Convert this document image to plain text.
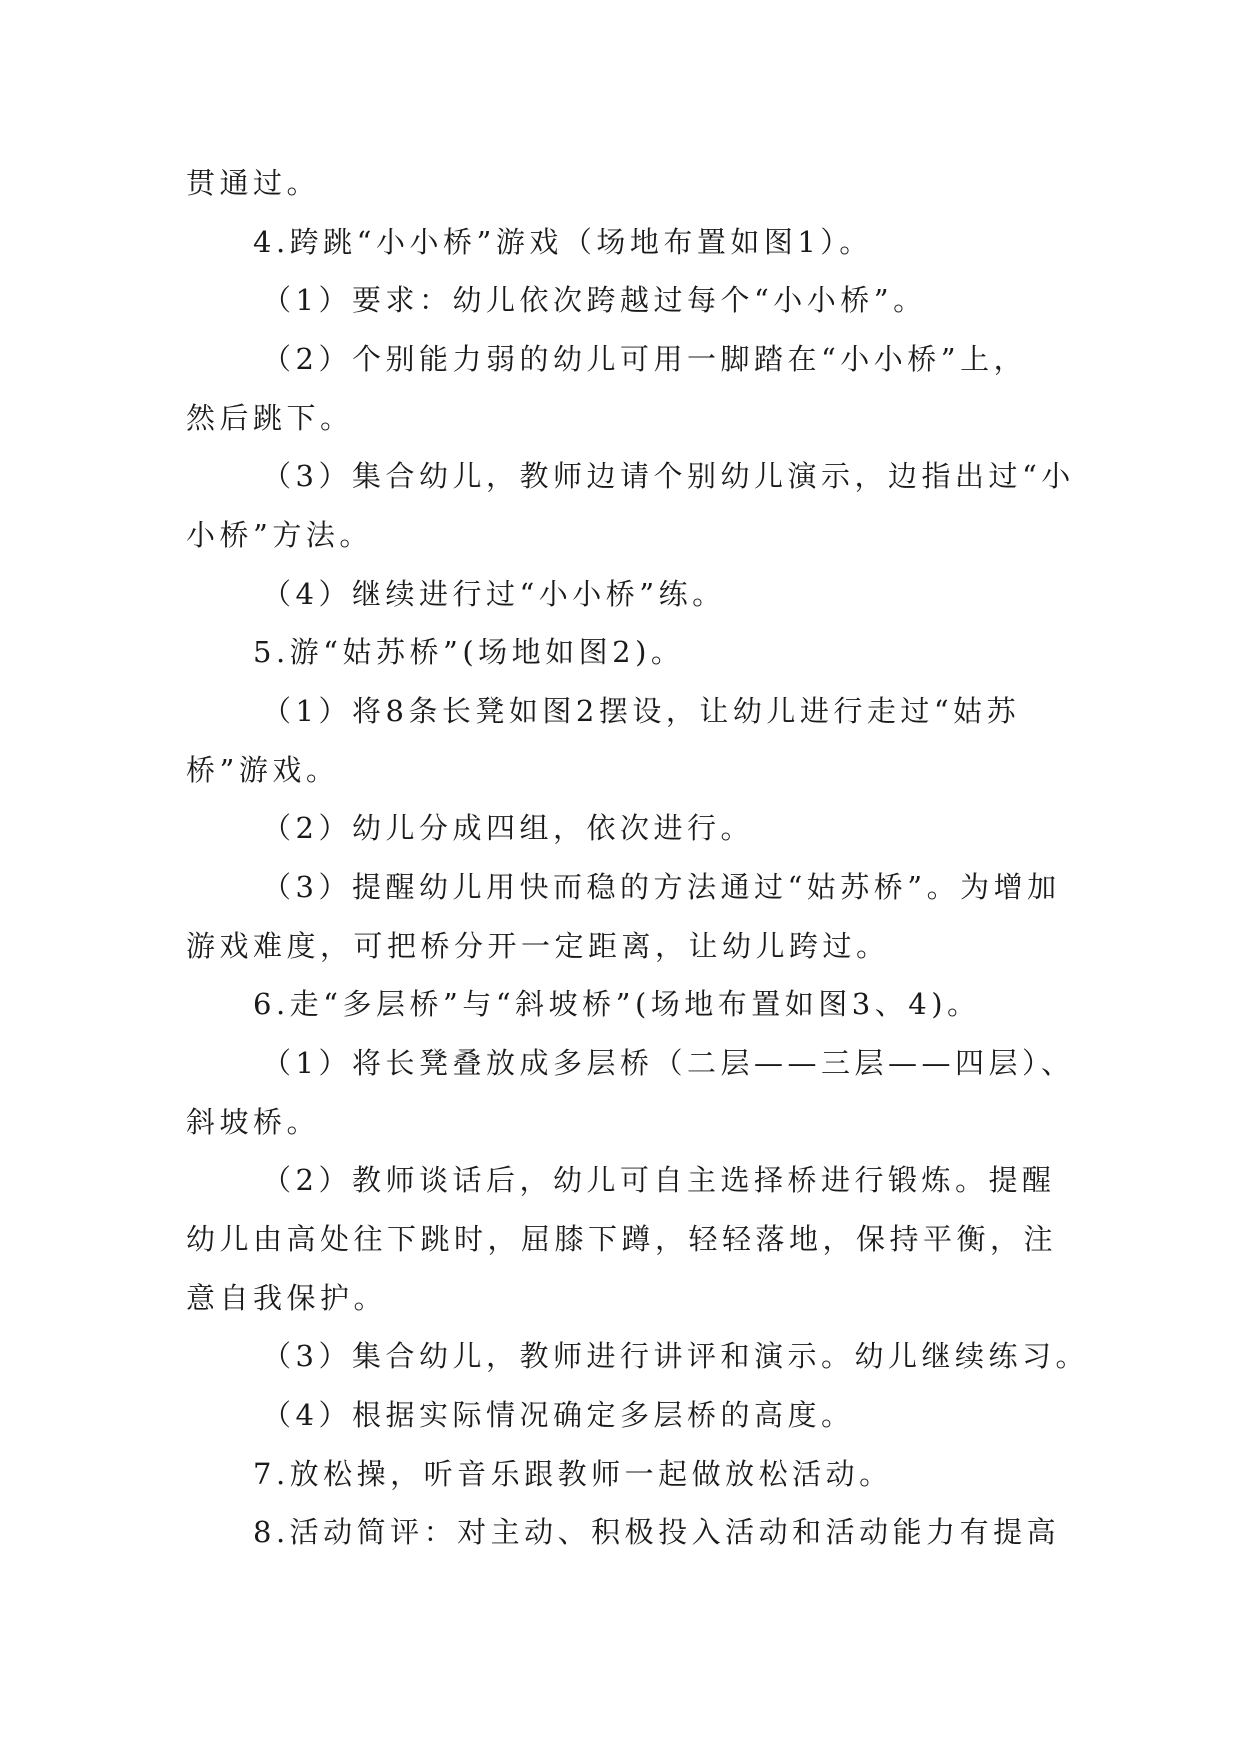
贯通过。
4.跨跳“小小桥”游戏（场地布置如图1）。
（1）要求：幼儿依次跨越过每个“小小桥”。
（2）个别能力弱的幼儿可用一脚踏在“小小桥”上，
然后跳下。
（3）集合幼儿，教师边请个别幼儿演示，边指出过“小
小桥”方法。
（4）继续进行过“小小桥”练。
5.游“姑苏桥”(场地如图2)。
（1）将8条长凳如图2摆设，让幼儿进行走过“姑苏
桥”游戏。
（2）幼儿分成四组，依次进行。
（3）提醒幼儿用快而稳的方法通过“姑苏桥”。为增加
游戏难度，可把桥分开一定距离，让幼儿跨过。
6.走“多层桥”与“斜坡桥”(场地布置如图3、4)。
（1）将长凳叠放成多层桥（二层——三层——四层）、
斜坡桥。
（2）教师谈话后，幼儿可自主选择桥进行锻炼。提醒
幼儿由高处往下跳时，屈膝下蹲，轻轻落地，保持平衡，注
意自我保护。
（3）集合幼儿，教师进行讲评和演示。幼儿继续练习。
（4）根据实际情况确定多层桥的高度。
7.放松操，听音乐跟教师一起做放松活动。
8.活动简评：对主动、积极投入活动和活动能力有提高
